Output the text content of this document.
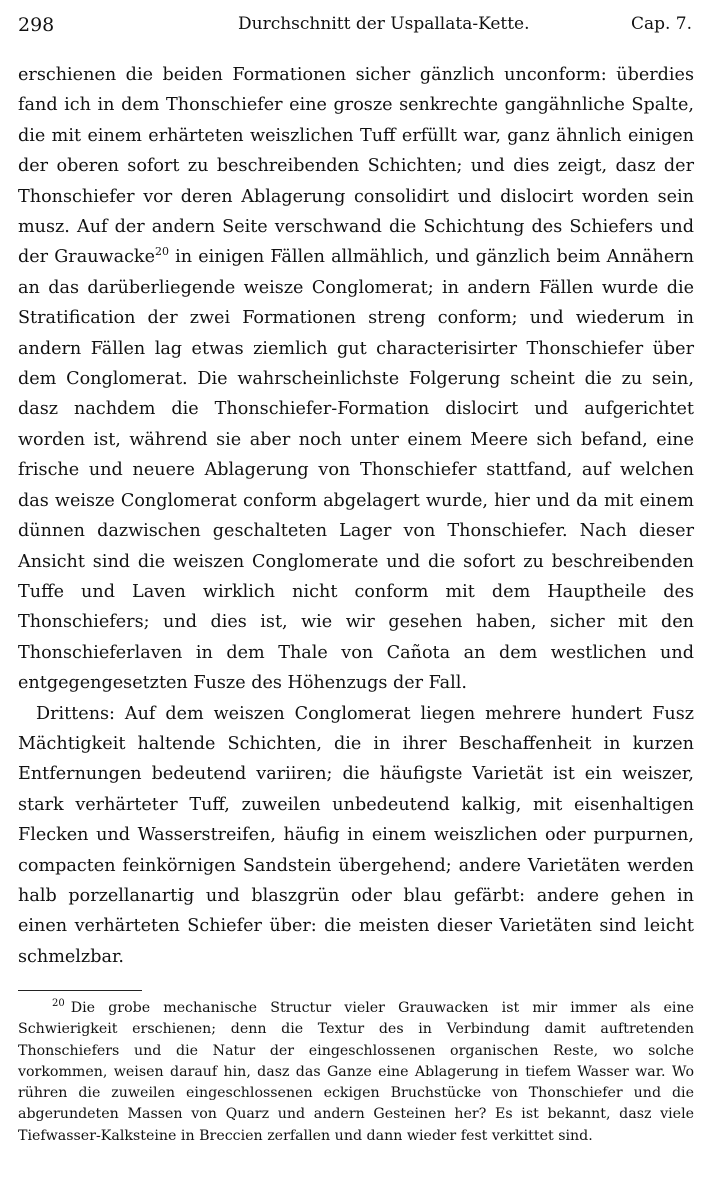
298	Durchschnitt der Uspallata-Kette.	Cap. 7.

erschienen die beiden Formationen sicher gänzlich unconform: überdies fand ich in dem Thonschiefer eine grosze senkrechte gangähnliche Spalte, die mit einem erhärteten weiszlichen Tuff erfüllt war, ganz ähnlich einigen der oberen sofort zu beschreibenden Schichten; und dies zeigt, dasz der Thonschiefer vor deren Ablagerung consolidirt und dislocirt worden sein musz. Auf der andern Seite verschwand die Schichtung des Schiefers und der Grauwacke$^{20}$ in einigen Fällen allmählich, und gänzlich beim Annähern an das darüberliegende weisze Conglomerat; in andern Fällen wurde die Stratification der zwei Formationen streng conform; und wiederum in andern Fällen lag etwas ziemlich gut characterisirter Thonschiefer über dem Conglomerat. Die wahrscheinlichste Folgerung scheint die zu sein, dasz nachdem die Thonschiefer-Formation dislocirt und aufgerichtet worden ist, während sie aber noch unter einem Meere sich befand, eine frische und neuere Ablagerung von Thonschiefer stattfand, auf welchen das weisze Conglomerat conform abgelagert wurde, hier und da mit einem dünnen dazwischen geschalteten Lager von Thonschiefer. Nach dieser Ansicht sind die weiszen Conglomerate und die sofort zu beschreibenden Tuffe und Laven wirklich nicht conform mit dem Hauptheile des Thonschiefers; und dies ist, wie wir gesehen haben, sicher mit den Thonschieferlaven in dem Thale von Cañota an dem westlichen und entgegengesetzten Fusze des Höhenzugs der Fall.

Drittens: Auf dem weiszen Conglomerat liegen mehrere hundert Fusz Mächtigkeit haltende Schichten, die in ihrer Beschaffenheit in kurzen Entfernungen bedeutend variiren; die häufigste Varietät ist ein weiszer, stark verhärteter Tuff, zuweilen unbedeutend kalkig, mit eisenhaltigen Flecken und Wasserstreifen, häufig in einem weiszlichen oder purpurnen, compacten feinkörnigen Sandstein übergehend; andere Varietäten werden halb porzellanartig und blaszgrün oder blau gefärbt: andere gehen in einen verhärteten Schiefer über: die meisten dieser Varietäten sind leicht schmelzbar.

$^{20}$ Die grobe mechanische Structur vieler Grauwacken ist mir immer als eine Schwierigkeit erschienen; denn die Textur des in Verbindung damit auftretenden Thonschiefers und die Natur der eingeschlossenen organischen Reste, wo solche vorkommen, weisen darauf hin, dasz das Ganze eine Ablagerung in tiefem Wasser war. Wo rühren die zuweilen eingeschlossenen eckigen Bruchstücke von Thonschiefer und die abgerundeten Massen von Quarz und andern Gesteinen her? Es ist bekannt, dasz viele Tiefwasser-Kalksteine in Breccien zerfallen und dann wieder fest verkittet sind.
